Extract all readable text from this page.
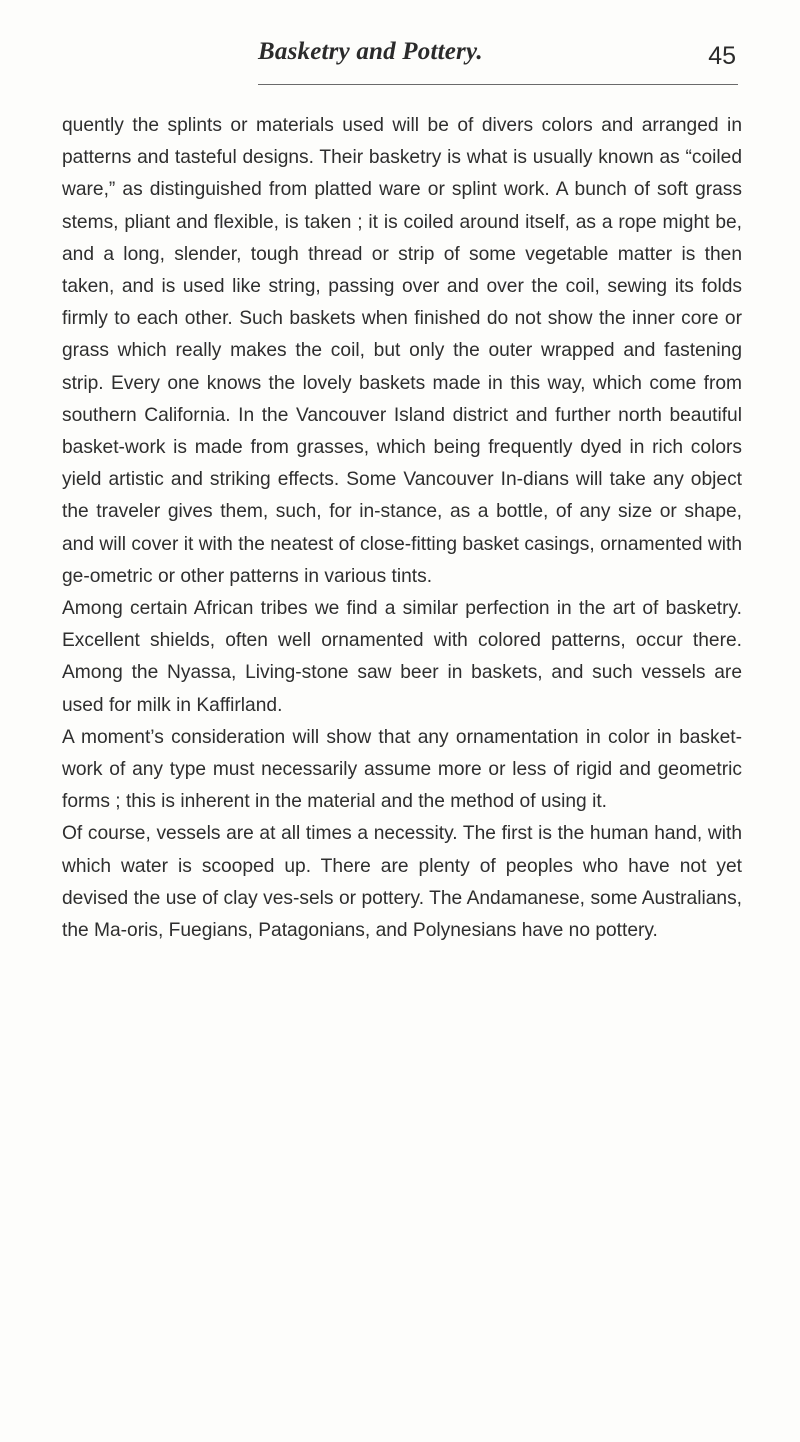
Basketry and Pottery.	45

quently the splints or materials used will be of divers colors and arranged in patterns and tasteful designs. Their basketry is what is usually known as “coiled ware,” as distinguished from platted ware or splint work. A bunch of soft grass stems, pliant and flexible, is taken ; it is coiled around itself, as a rope might be, and a long, slender, tough thread or strip of some vegetable matter is then taken, and is used like string, passing over and over the coil, sewing its folds firmly to each other. Such baskets when finished do not show the inner core or grass which really makes the coil, but only the outer wrapped and fastening strip. Every one knows the lovely baskets made in this way, which come from southern California. In the Vancouver Island district and further north beautiful basket-work is made from grasses, which being frequently dyed in rich colors yield artistic and striking effects. Some Vancouver In-dians will take any object the traveler gives them, such, for in-stance, as a bottle, of any size or shape, and will cover it with the neatest of close-fitting basket casings, ornamented with ge-ometric or other patterns in various tints.

Among certain African tribes we find a similar perfection in the art of basketry. Excellent shields, often well ornamented with colored patterns, occur there. Among the Nyassa, Living-stone saw beer in baskets, and such vessels are used for milk in Kaffirland.

A moment’s consideration will show that any ornamentation in color in basket-work of any type must necessarily assume more or less of rigid and geometric forms ; this is inherent in the material and the method of using it.

Of course, vessels are at all times a necessity. The first is the human hand, with which water is scooped up. There are plenty of peoples who have not yet devised the use of clay ves-sels or pottery. The Andamanese, some Australians, the Ma-oris, Fuegians, Patagonians, and Polynesians have no pottery.
